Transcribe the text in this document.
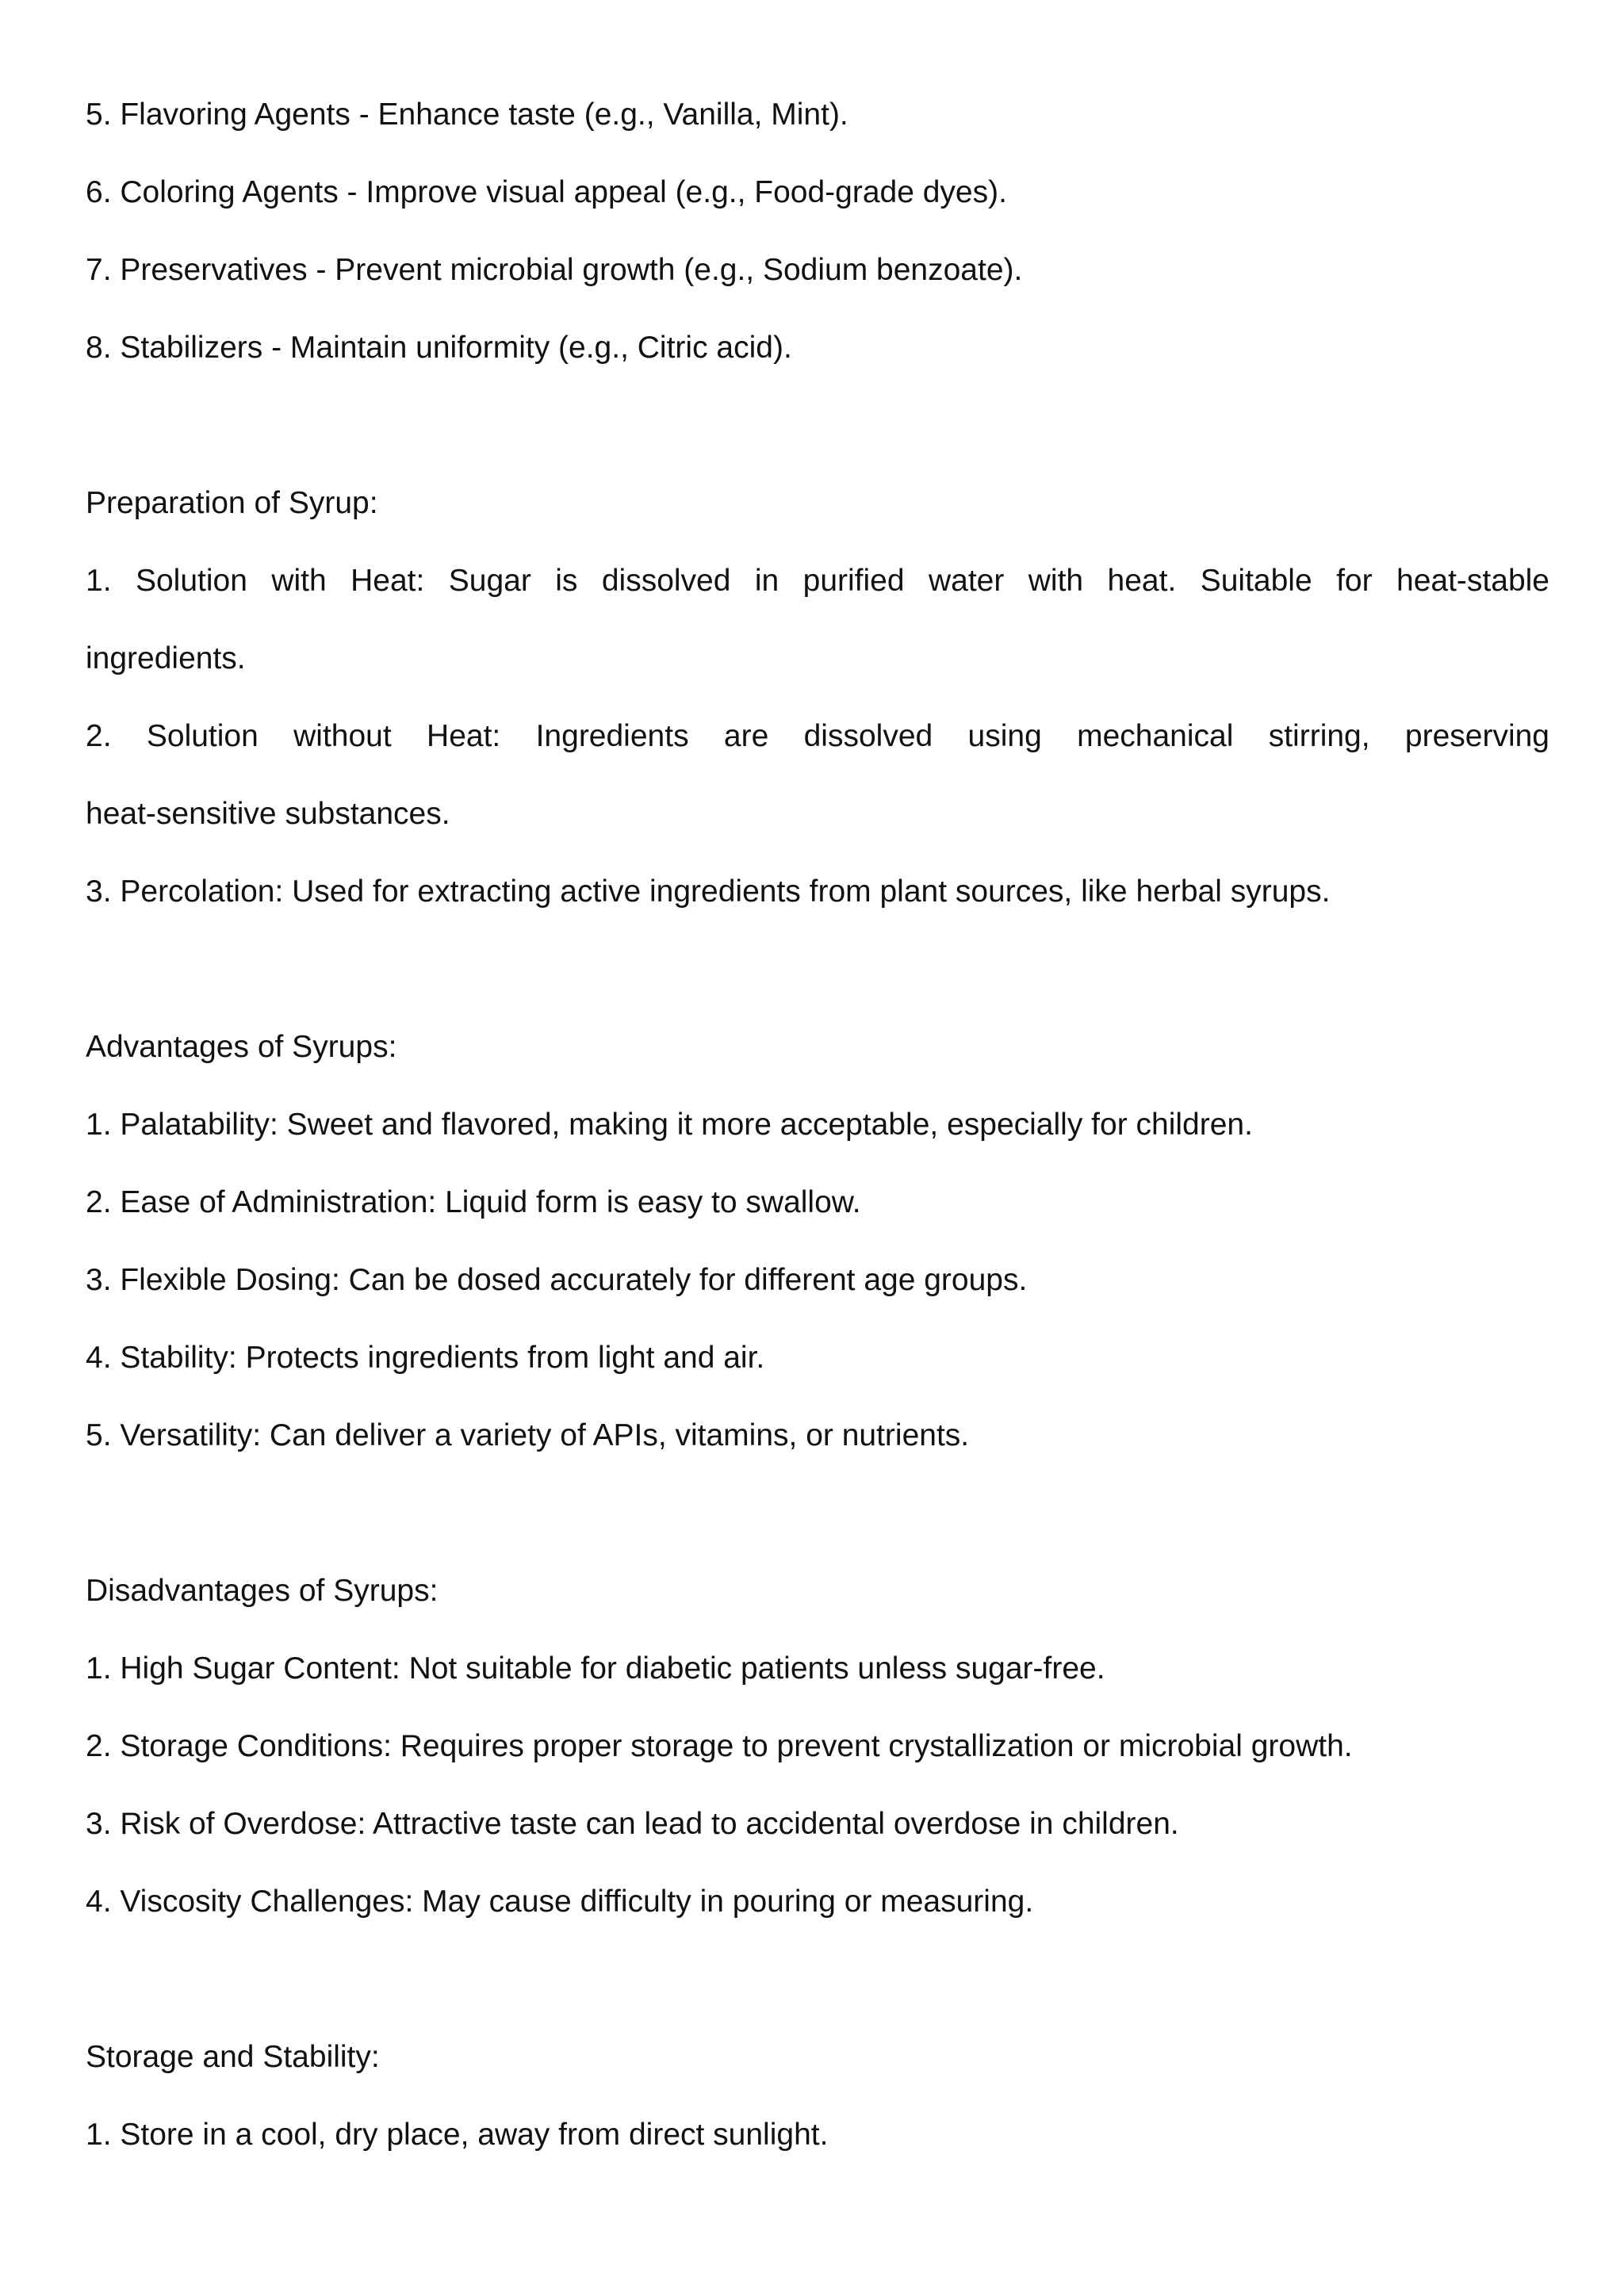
5. Flavoring Agents - Enhance taste (e.g., Vanilla, Mint).
6. Coloring Agents - Improve visual appeal (e.g., Food-grade dyes).
7. Preservatives - Prevent microbial growth (e.g., Sodium benzoate).
8. Stabilizers - Maintain uniformity (e.g., Citric acid).
Preparation of Syrup:
1. Solution with Heat: Sugar is dissolved in purified water with heat. Suitable for heat-stable
ingredients.
2. Solution without Heat: Ingredients are dissolved using mechanical stirring, preserving
heat-sensitive substances.
3. Percolation: Used for extracting active ingredients from plant sources, like herbal syrups.
Advantages of Syrups:
1. Palatability: Sweet and flavored, making it more acceptable, especially for children.
2. Ease of Administration: Liquid form is easy to swallow.
3. Flexible Dosing: Can be dosed accurately for different age groups.
4. Stability: Protects ingredients from light and air.
5. Versatility: Can deliver a variety of APIs, vitamins, or nutrients.
Disadvantages of Syrups:
1. High Sugar Content: Not suitable for diabetic patients unless sugar-free.
2. Storage Conditions: Requires proper storage to prevent crystallization or microbial growth.
3. Risk of Overdose: Attractive taste can lead to accidental overdose in children.
4. Viscosity Challenges: May cause difficulty in pouring or measuring.
Storage and Stability:
1. Store in a cool, dry place, away from direct sunlight.
